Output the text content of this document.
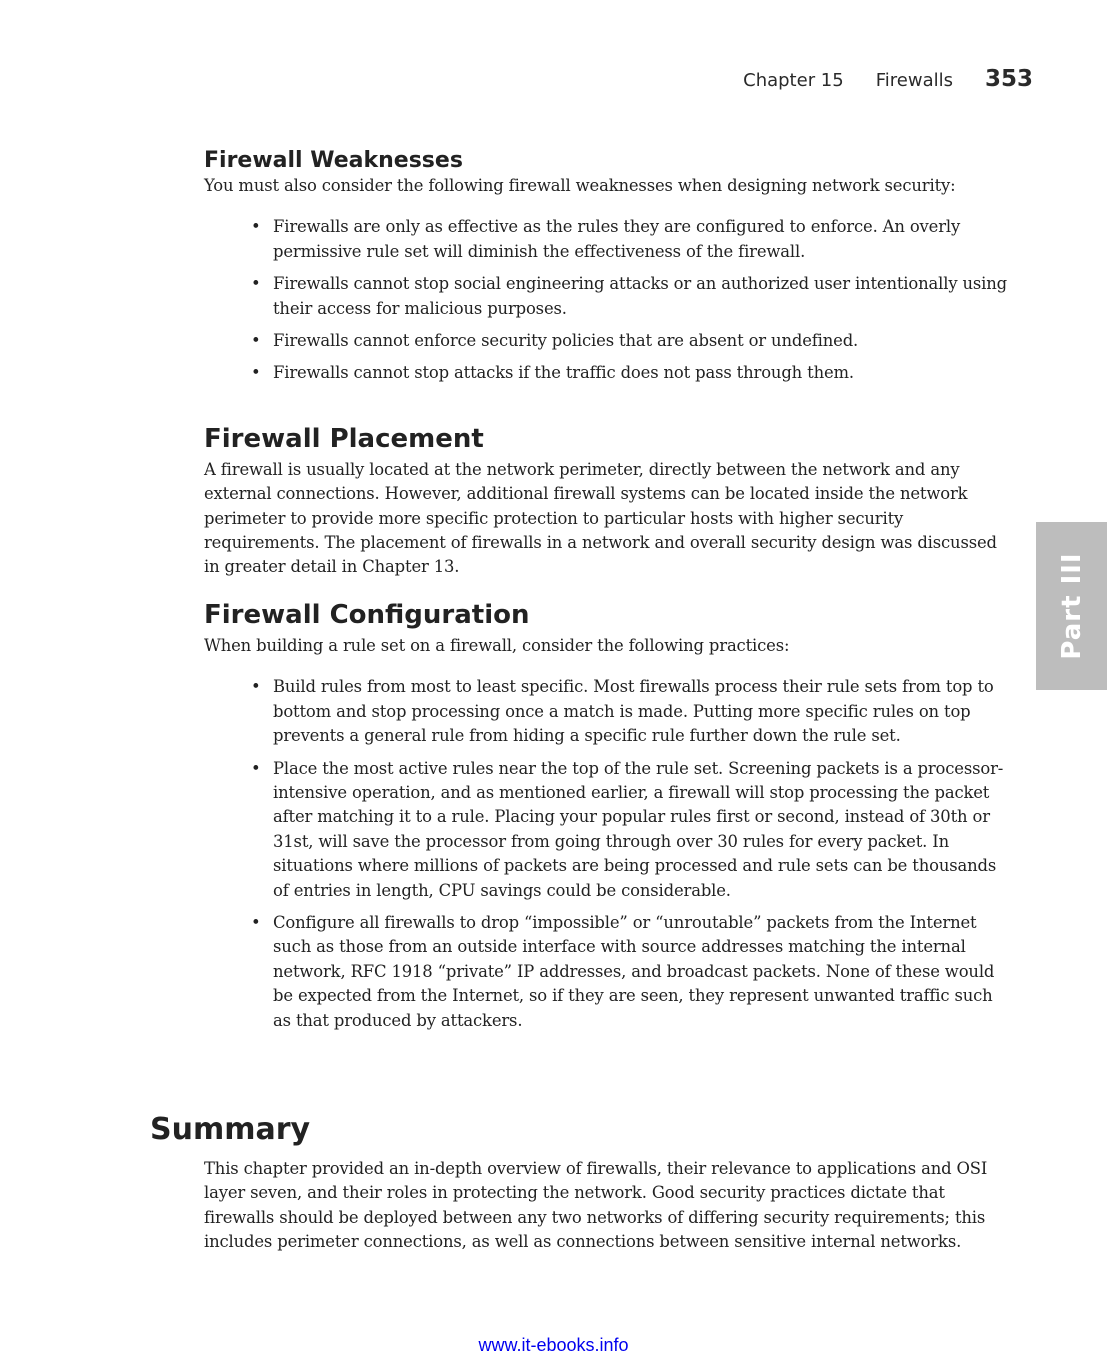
Chapter 15 Firewalls 353
Firewall Weaknesses

You must also consider the following firewall weaknesses when designing network security:

• Firewalls are only as effective as the rules they are configured to enforce. An overly permissive rule set will diminish the effectiveness of the firewall.
• Firewalls cannot stop social engineering attacks or an authorized user intentionally using their access for malicious purposes.
• Firewalls cannot enforce security policies that are absent or undefined.
• Firewalls cannot stop attacks if the traffic does not pass through them.
Firewall Placement

A firewall is usually located at the network perimeter, directly between the network and any external connections. However, additional firewall systems can be located inside the network perimeter to provide more specific protection to particular hosts with higher security requirements. The placement of firewalls in a network and overall security design was discussed in greater detail in Chapter 13.

Firewall Configuration

When building a rule set on a firewall, consider the following practices:

• Build rules from most to least specific. Most firewalls process their rule sets from top to bottom and stop processing once a match is made. Putting more specific rules on top prevents a general rule from hiding a specific rule further down the rule set.
• Place the most active rules near the top of the rule set. Screening packets is a processor-intensive operation, and as mentioned earlier, a firewall will stop processing the packet after matching it to a rule. Placing your popular rules first or second, instead of 30th or 31st, will save the processor from going through over 30 rules for every packet. In situations where millions of packets are being processed and rule sets can be thousands of entries in length, CPU savings could be considerable.
• Configure all firewalls to drop “impossible” or “unroutable” packets from the Internet such as those from an outside interface with source addresses matching the internal network, RFC 1918 “private” IP addresses, and broadcast packets. None of these would be expected from the Internet, so if they are seen, they represent unwanted traffic such as that produced by attackers.
Summary

This chapter provided an in-depth overview of firewalls, their relevance to applications and OSI layer seven, and their roles in protecting the network. Good security practices dictate that firewalls should be deployed between any two networks of differing security requirements; this includes perimeter connections, as well as connections between sensitive internal networks.

Part III
www.it-ebooks.info
